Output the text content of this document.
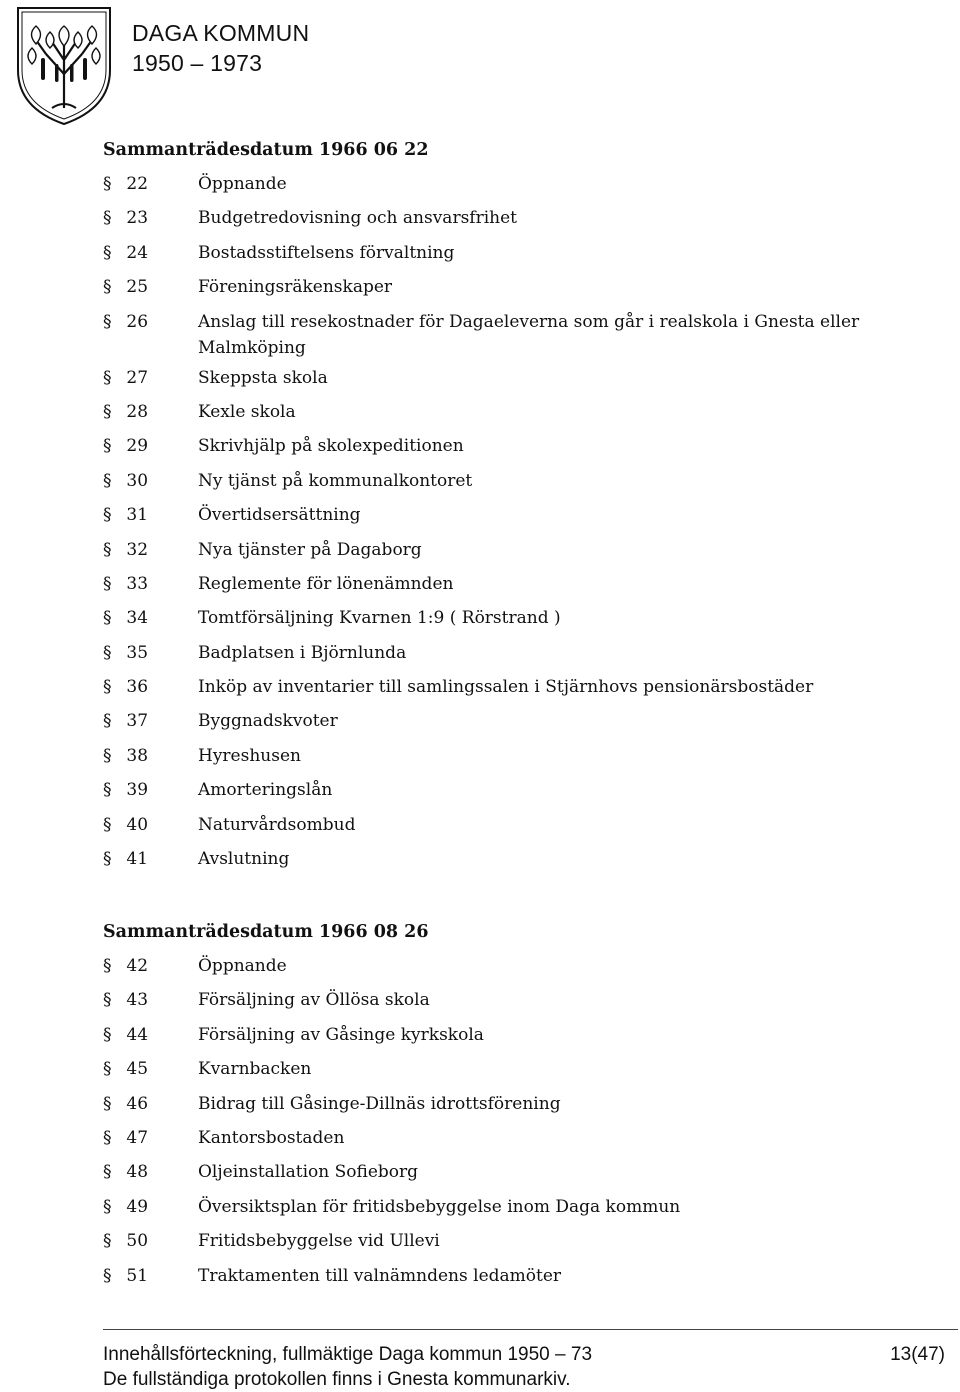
DAGA KOMMUN
1950 – 1973
Sammanträdesdatum 1966 06 22
§ 22	Öppnande
§ 23	Budgetredovisning och ansvarsfrihet
§ 24	Bostadsstiftelsens förvaltning
§ 25	Föreningsräkenskaper
§ 26	Anslag till resekostnader för Dagaeleverna som går i realskola i Gnesta eller Malmköping
§ 27	Skeppsta skola
§ 28	Kexle skola
§ 29	Skrivhjälp på skolexpeditionen
§ 30	Ny tjänst på kommunalkontoret
§ 31	Övertidsersättning
§ 32	Nya tjänster på Dagaborg
§ 33	Reglemente för lönenämnden
§ 34	Tomtförsäljning Kvarnen 1:9 ( Rörstrand )
§ 35	Badplatsen i Björnlunda
§ 36	Inköp av inventarier till samlingssalen i Stjärnhovs pensionärsbostäder
§ 37	Byggnadskvoter
§ 38	Hyreshusen
§ 39	Amorteringslån
§ 40	Naturvårdsombud
§ 41	Avslutning
Sammanträdesdatum 1966 08 26
§ 42	Öppnande
§ 43	Försäljning av Öllösa skola
§ 44	Försäljning av Gåsinge kyrkskola
§ 45	Kvarnbacken
§ 46	Bidrag till Gåsinge-Dillnäs idrottsförening
§ 47	Kantorsbostaden
§ 48	Oljeinstallation Sofieborg
§ 49	Översiktsplan för fritidsbebyggelse inom Daga kommun
§ 50	Fritidsbebyggelse vid Ullevi
§ 51	Traktamenten till valnämndens ledamöter
Innehållsförteckning, fullmäktige Daga kommun 1950 – 73	13(47)
De fullständiga protokollen finns i Gnesta kommunarkiv.
